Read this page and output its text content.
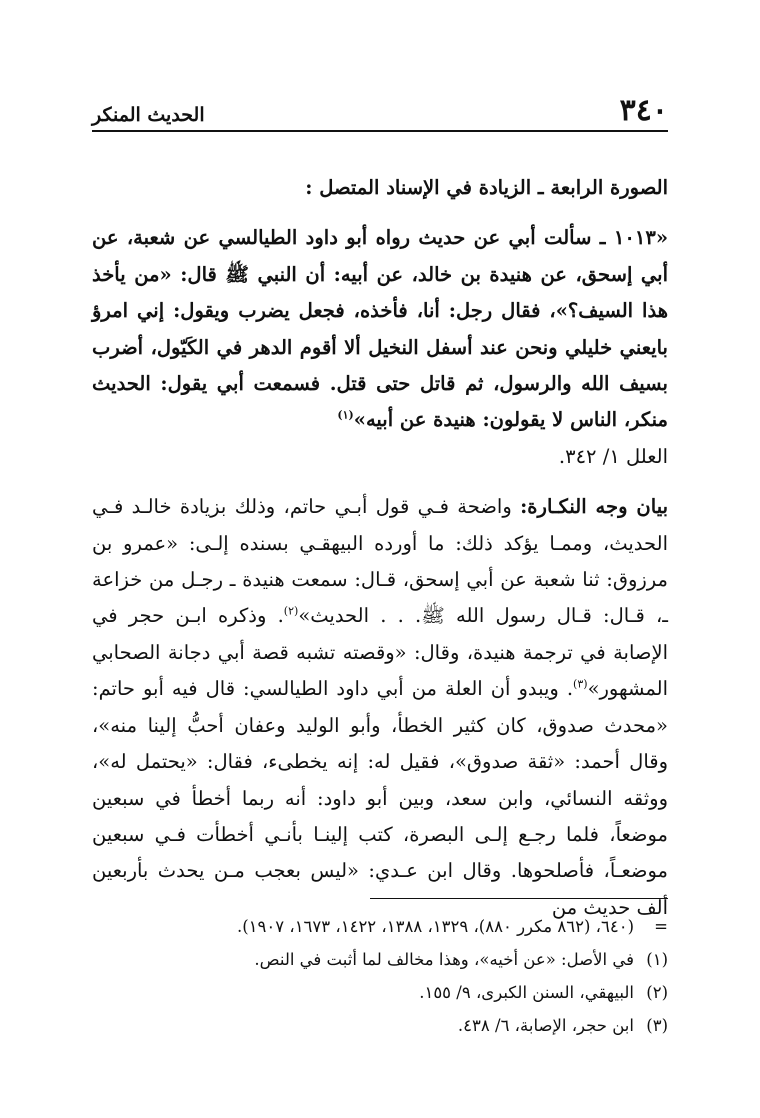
٣٤٠
الحديث المنكر

الصورة الرابعة ـ الزيادة في الإسناد المتصل :

«١٠١٣ ـ سألت أبي عن حديث رواه أبو داود الطيالسي عن شعبة، عن أبي إسحق، عن هنيدة بن خالد، عن أبيه: أن النبي ﷺ قال: «من يأخذ هذا السيف؟»، فقال رجل: أنا، فأخذه، فجعل يضرب ويقول: إني امرؤ بايعني خليلي ونحن عند أسفل النخيل ألا أقوم الدهر في الكَيّول، أضرب بسيف الله والرسول، ثم قاتل حتى قتل. فسمعت أبي يقول: الحديث منكر، الناس لا يقولون: هنيدة عن أبيه»$^{(١)}$

العلل ١/ ٣٤٢.

بيان وجه النكـارة: واضحة فـي قول أبـي حاتم، وذلك بزيادة خالـد فـي الحديث، وممـا يؤكد ذلك: ما أورده البيهقـي بسنده إلـى: «عمرو بن مرزوق: ثنا شعبة عن أبي إسحق، قـال: سمعت هنيدة ـ رجـل من خزاعة ـ، قـال: قـال رسول الله ﷺ. . . الحديث»$^{(٢)}$. وذكره ابـن حجر في الإصابة في ترجمة هنيدة، وقال: «وقصته تشبه قصة أبي دجانة الصحابي المشهور»$^{(٣)}$. ويبدو أن العلة من أبي داود الطيالسي: قال فيه أبو حاتم: «محدث صدوق، كان كثير الخطأ، وأبو الوليد وعفان أحبُّ إلينا منه»، وقال أحمد: «ثقة صدوق»، فقيل له: إنه يخطىء، فقال: «يحتمل له»، ووثقه النسائي، وابن سعد، وبين أبو داود: أنه ربما أخطأ في سبعين موضعاً، فلما رجـع إلـى البصرة، كتب إلينـا بأنـي أخطأت فـي سبعين موضعـاً، فأصلحوها. وقال ابن عـدي: «ليس بعجب مـن يحدث بأربعين ألف حديث من

=
(٦٤٠، (٨٦٢ مكرر ٨٨٠)، ١٣٢٩، ١٣٨٨، ١٤٢٢، ١٦٧٣، ١٩٠٧).
(١)
في الأصل: «عن أخيه»، وهذا مخالف لما أثبت في النص.
(٢)
البيهقي، السنن الكبرى، ٩/ ١٥٥.
(٣)
ابن حجر، الإصابة، ٦/ ٤٣٨.
